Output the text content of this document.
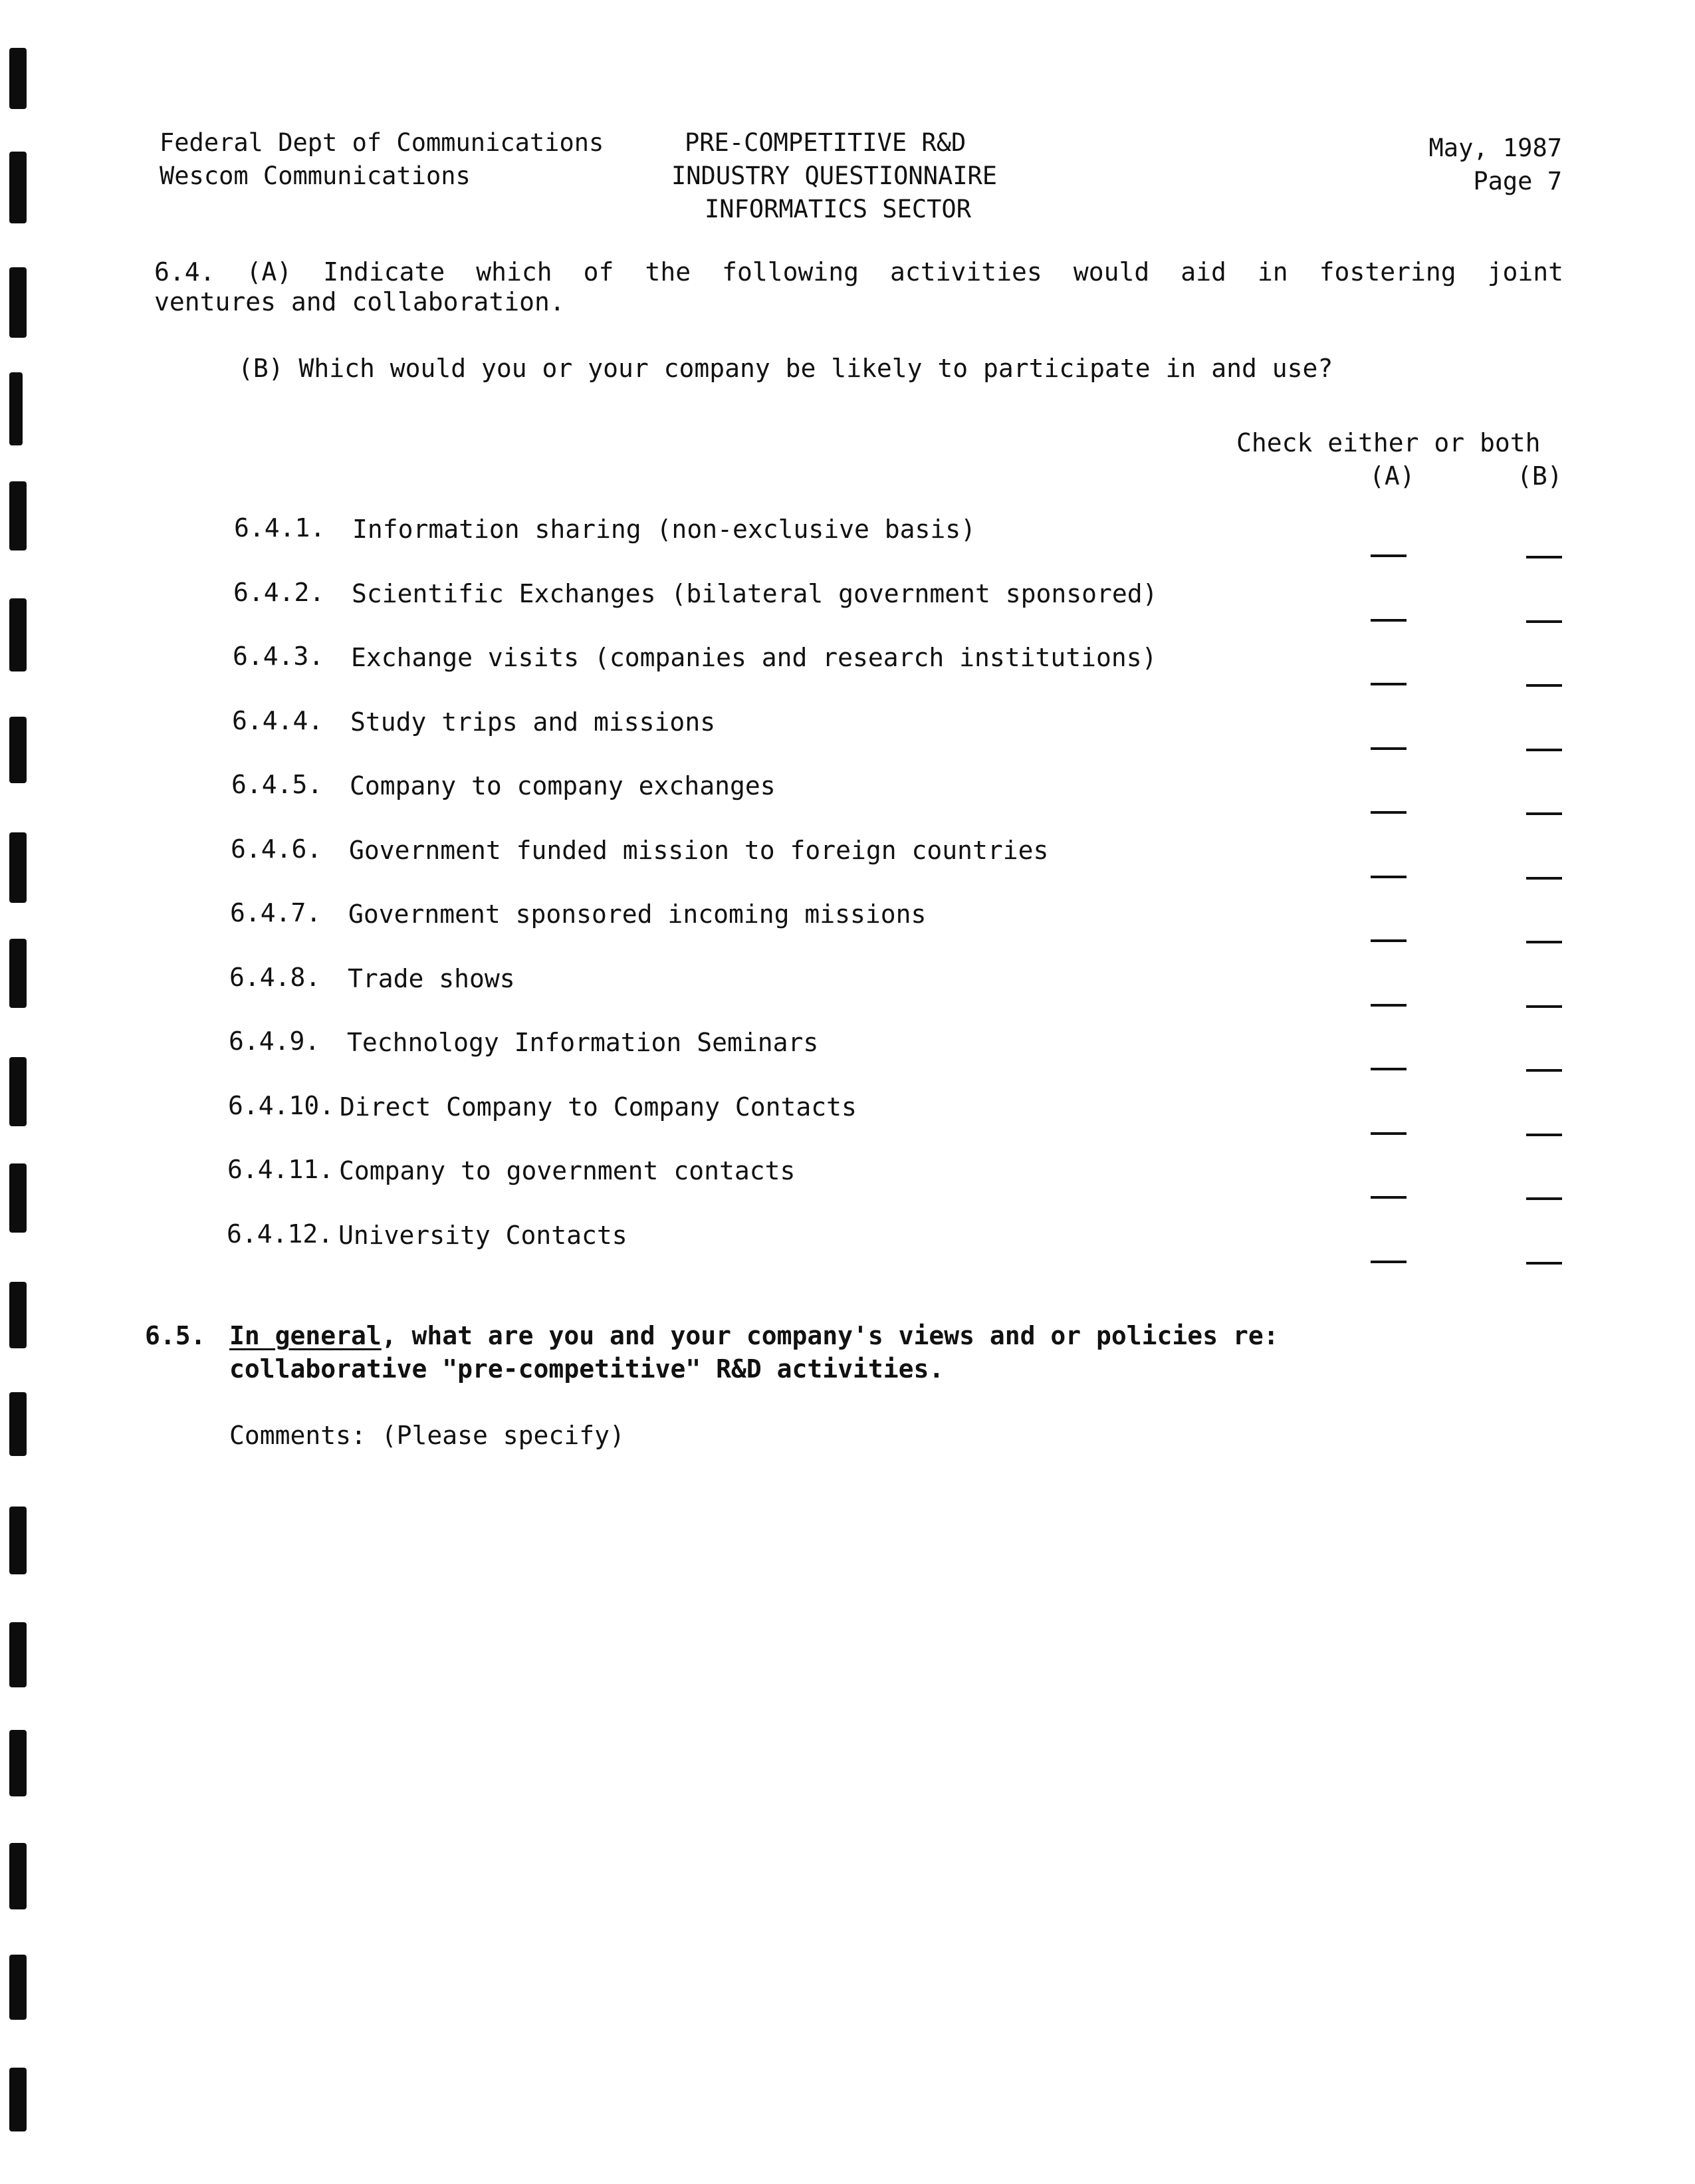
Federal Dept of Communications
Wescom Communications
PRE-COMPETITIVE R&D
INDUSTRY QUESTIONNAIRE
INFORMATICS SECTOR
May, 1987
Page 7
6.4. (A) Indicate which of the following activities would aid in fostering joint
ventures and collaboration.
(B) Which would you or your company be likely to participate in and use?
Check either or both
(A)	(B)
6.4.1. Information sharing (non-exclusive basis)
6.4.2. Scientific Exchanges (bilateral government sponsored)
6.4.3. Exchange visits (companies and research institutions)
6.4.4. Study trips and missions
6.4.5. Company to company exchanges
6.4.6. Government funded mission to foreign countries
6.4.7. Government sponsored incoming missions
6.4.8. Trade shows
6.4.9. Technology Information Seminars
6.4.10. Direct Company to Company Contacts
6.4.11. Company to government contacts
6.4.12. University Contacts
6.5. In general, what are you and your company's views and or policies re:
collaborative "pre-competitive" R&D activities.
Comments: (Please specify)
